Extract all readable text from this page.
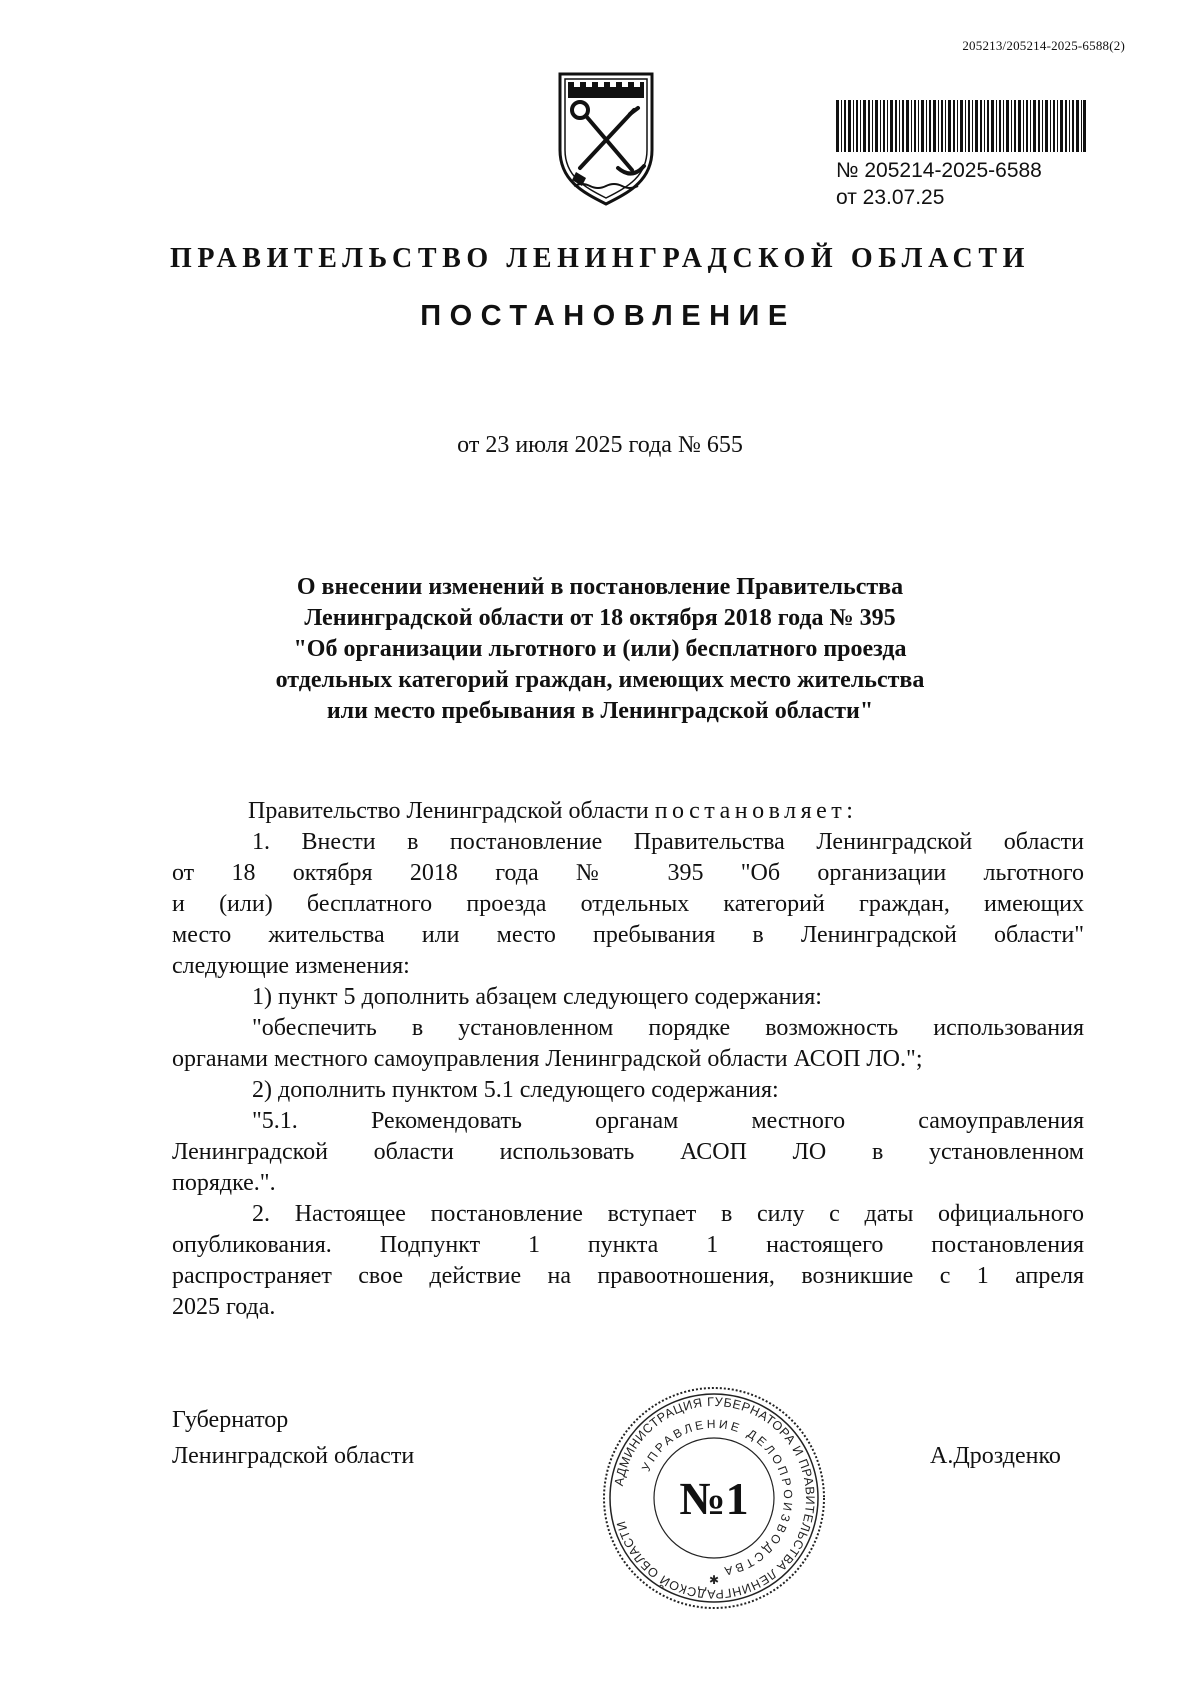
205213/205214-2025-6588(2)
№ 205214-2025-6588
от 23.07.25
ПРАВИТЕЛЬСТВО ЛЕНИНГРАДСКОЙ ОБЛАСТИ
ПОСТАНОВЛЕНИЕ
от 23 июля 2025 года № 655
О внесении изменений в постановление Правительства
Ленинградской области от 18 октября 2018 года № 395
"Об организации льготного и (или) бесплатного проезда
отдельных категорий граждан, имеющих место жительства
или место пребывания в Ленинградской области"
Правительство Ленинградской области постановляет:
1. Внести в постановление Правительства Ленинградской области
от 18 октября 2018 года № 395 "Об организации льготного
и (или) бесплатного проезда отдельных категорий граждан, имеющих
место жительства или место пребывания в Ленинградской области"
следующие изменения:
1) пункт 5 дополнить абзацем следующего содержания:
"обеспечить в установленном порядке возможность использования
органами местного самоуправления Ленинградской области АСОП ЛО.";
2) дополнить пунктом 5.1 следующего содержания:
"5.1. Рекомендовать органам местного самоуправления
Ленинградской области использовать АСОП ЛО в установленном
порядке.".
2. Настоящее постановление вступает в силу с даты официального
опубликования. Подпункт 1 пункта 1 настоящего постановления
распространяет свое действие на правоотношения, возникшие с 1 апреля
2025 года.
Губернатор
Ленинградской области	А.Дрозденко
АДМИНИСТРАЦИЯ ГУБЕРНАТОРА И ПРАВИТЕЛЬСТВА ЛЕНИНГРАДСКОЙ ОБЛАСТИ
УПРАВЛЕНИЕ ДЕЛОПРОИЗВОДСТВА
№1
✱
